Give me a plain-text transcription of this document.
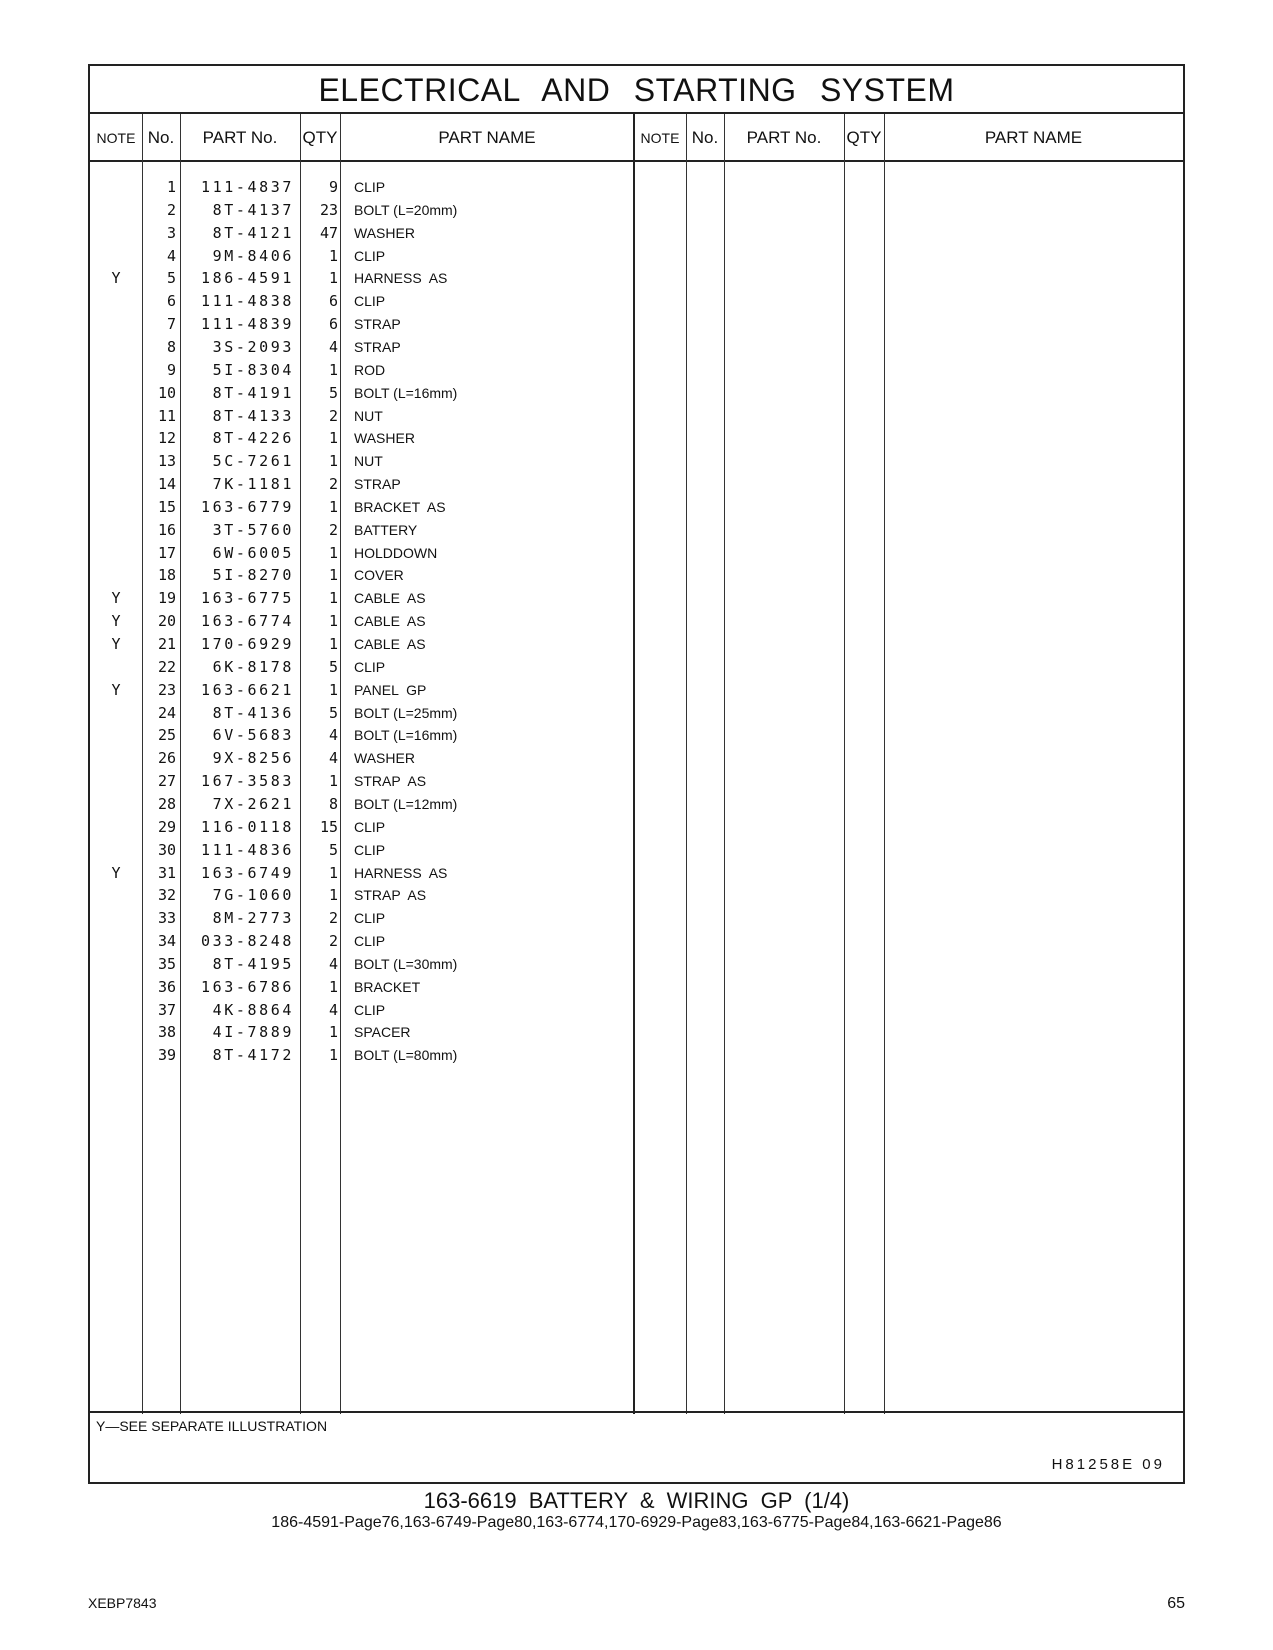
ELECTRICAL AND STARTING SYSTEM
NOTE No.	PART No.	QTY	PART NAME	NOTE No.	PART No.	QTY	PART NAME
1	111-4837	9 CLIP
2	8T-4137	23 BOLT (L=20mm)
3	8T-4121	47 WASHER
4	9M-8406	1 CLIP
Y	5	186-4591	1 HARNESS  AS
6	111-4838	6 CLIP
7	111-4839	6 STRAP
8	3S-2093	4 STRAP
9	5I-8304	1 ROD
10	8T-4191	5 BOLT (L=16mm)
11	8T-4133	2 NUT
12	8T-4226	1 WASHER
13	5C-7261	1 NUT
14	7K-1181	2 STRAP
15	163-6779	1 BRACKET  AS
16	3T-5760	2 BATTERY
17	6W-6005	1 HOLDDOWN
18	5I-8270	1 COVER
Y	19	163-6775	1 CABLE  AS
Y	20	163-6774	1 CABLE  AS
Y	21	170-6929	1 CABLE  AS
22	6K-8178	5 CLIP
Y	23	163-6621	1 PANEL  GP
24	8T-4136	5 BOLT (L=25mm)
25	6V-5683	4 BOLT (L=16mm)
26	9X-8256	4 WASHER
27	167-3583	1 STRAP  AS
28	7X-2621	8 BOLT (L=12mm)
29	116-0118	15 CLIP
30	111-4836	5 CLIP
Y	31	163-6749	1 HARNESS  AS
32	7G-1060	1 STRAP  AS
33	8M-2773	2 CLIP
34	033-8248	2 CLIP
35	8T-4195	4 BOLT (L=30mm)
36	163-6786	1 BRACKET
37	4K-8864	4 CLIP
38	4I-7889	1 SPACER
39	8T-4172	1 BOLT (L=80mm)
Y—SEE SEPARATE ILLUSTRATION
H81258E 09
163-6619 BATTERY & WIRING GP (1/4)
186-4591-Page76,163-6749-Page80,163-6774,170-6929-Page83,163-6775-Page84,163-6621-Page86
XEBP7843	65
